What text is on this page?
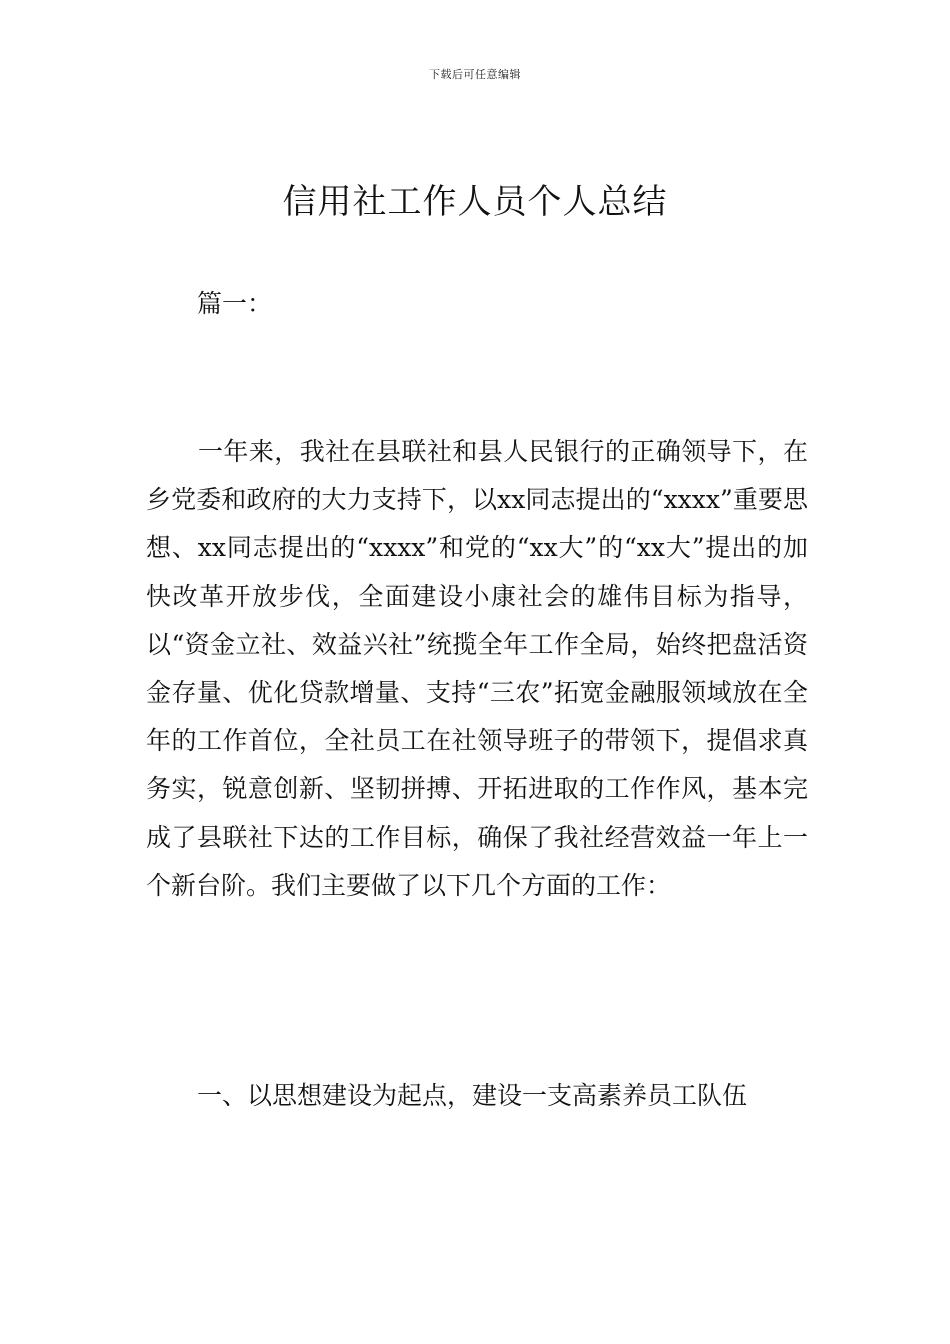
下载后可任意编辑
信用社工作人员个人总结

篇一：

一年来，我社在县联社和县人民银行的正确领导下，在乡党委和政府的大力支持下，以xx同志提出的“xxxx”重要思想、xx同志提出的“xxxx”和党的“xx大”的“xx大”提出的加快改革开放步伐，全面建设小康社会的雄伟目标为指导，以“资金立社、效益兴社”统揽全年工作全局，始终把盘活资金存量、优化贷款增量、支持“三农”拓宽金融服领域放在全年的工作首位，全社员工在社领导班子的带领下，提倡求真务实，锐意创新、坚韧拼搏、开拓进取的工作作风，基本完成了县联社下达的工作目标，确保了我社经营效益一年上一个新台阶。我们主要做了以下几个方面的工作：

一、以思想建设为起点，建设一支高素养员工队伍
